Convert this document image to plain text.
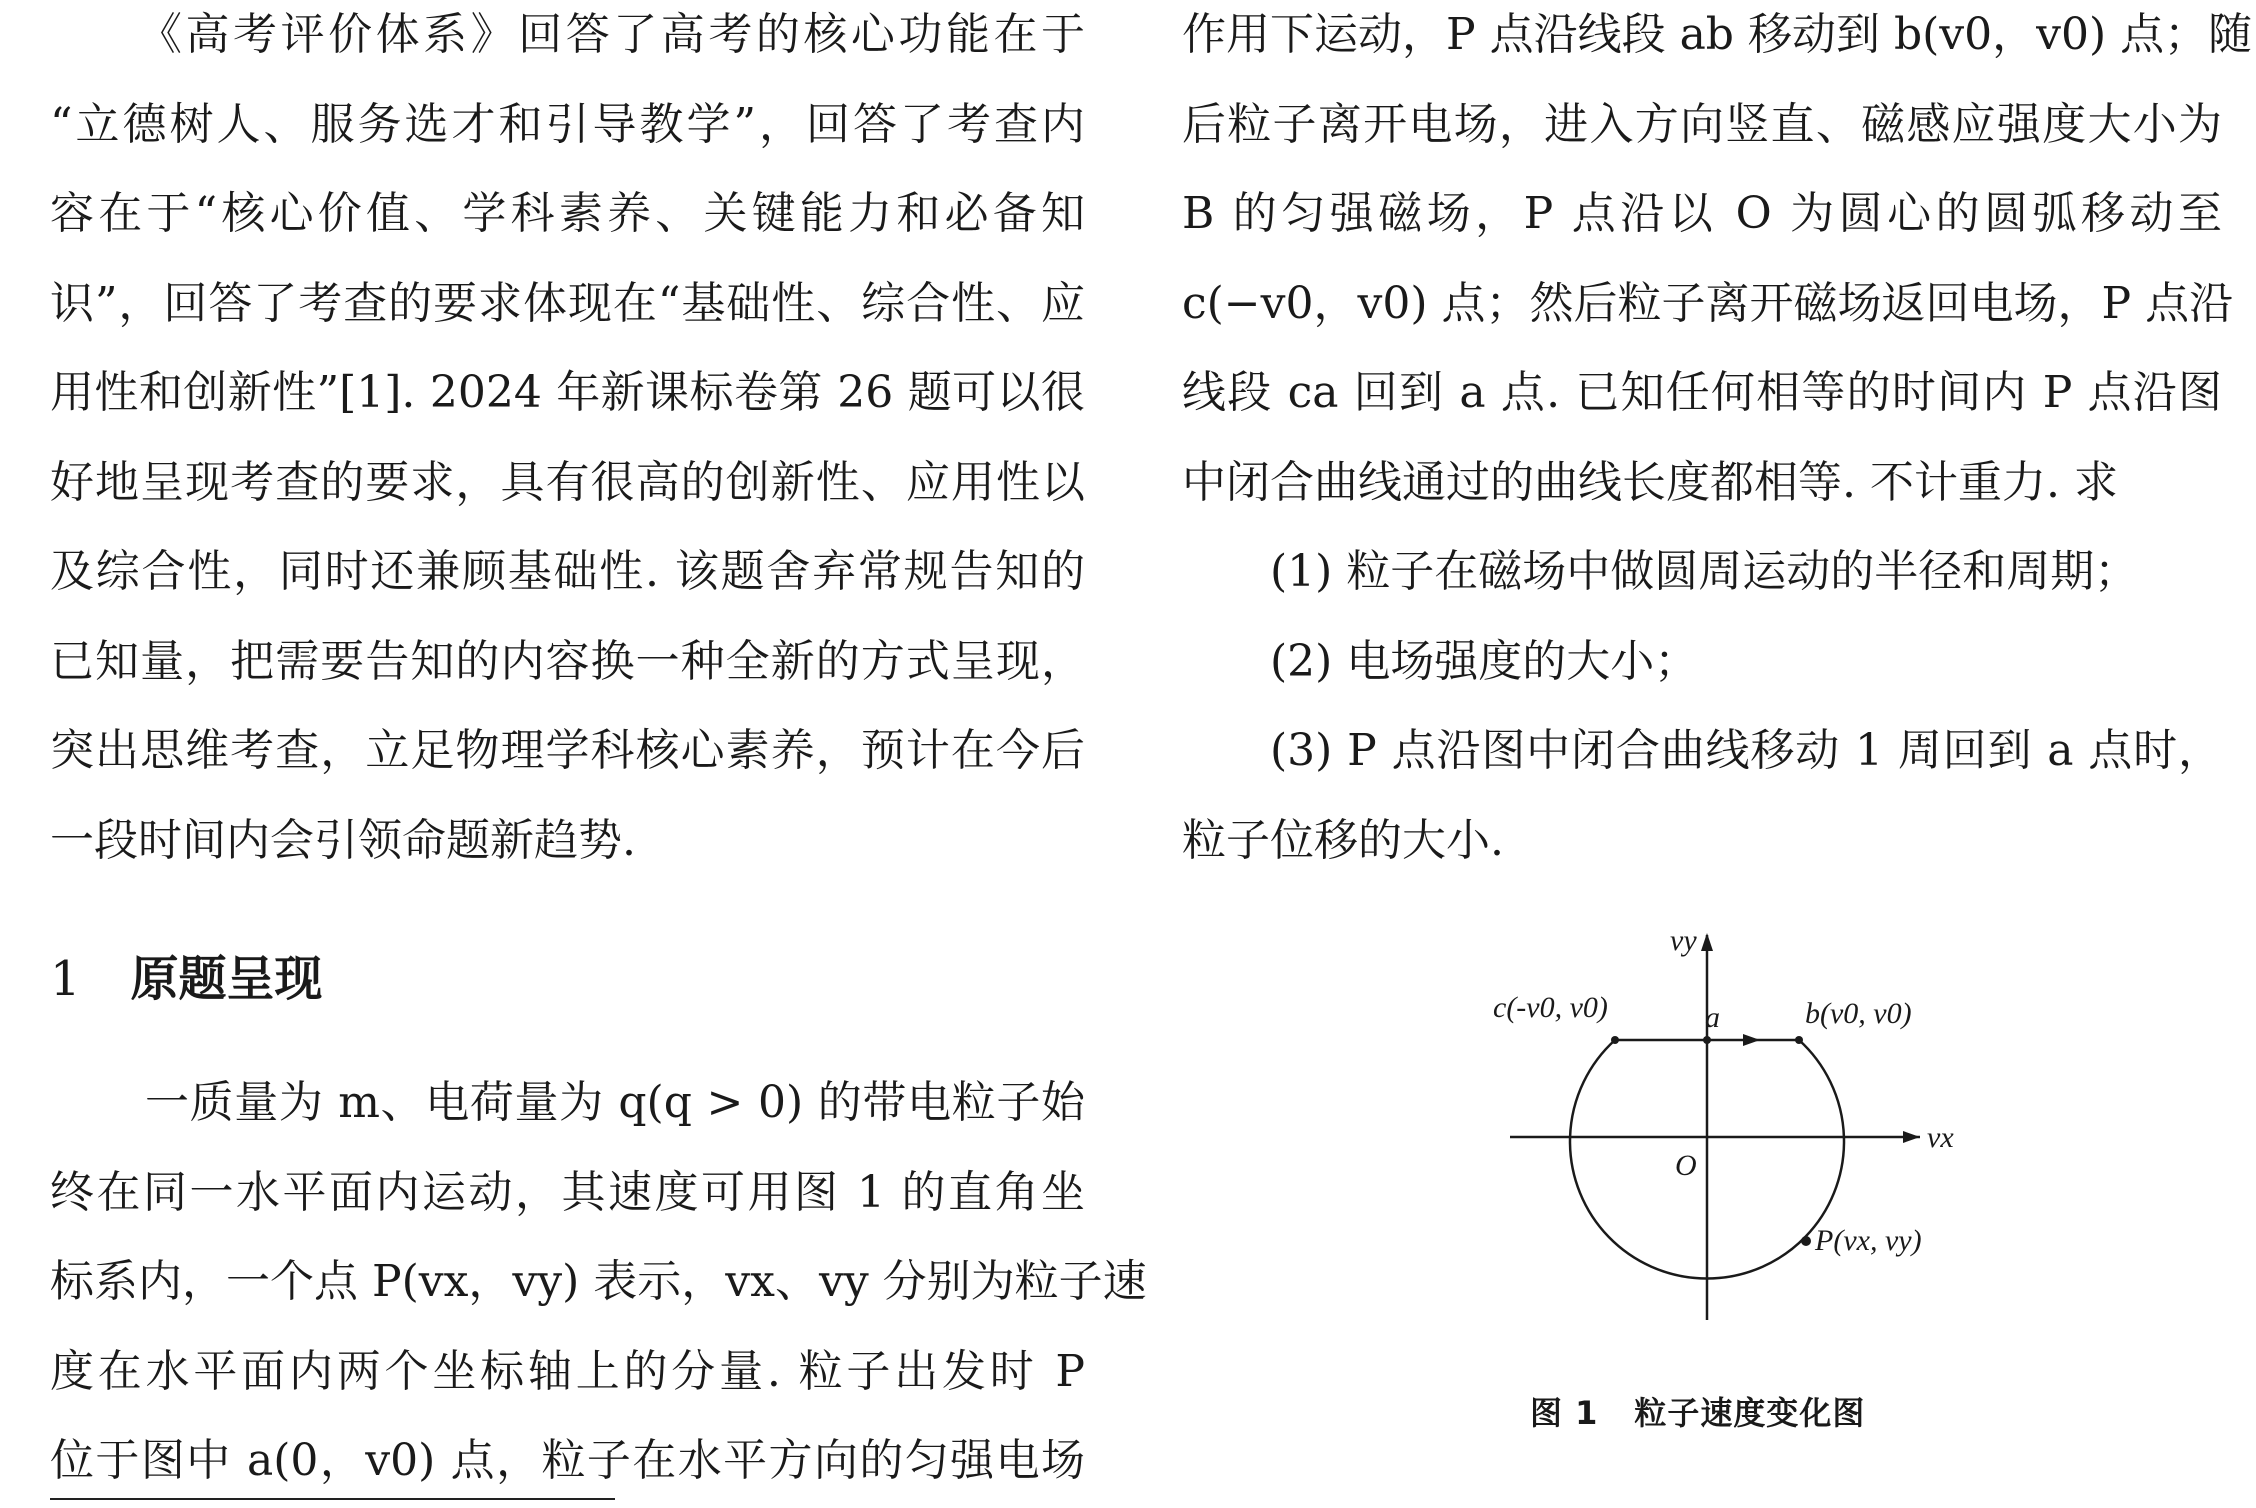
《高考评价体系》回答了高考的核心功能在于

“立德树人、服务选才和引导教学”，回答了考查内

容在于“核心价值、学科素养、关键能力和必备知

识”，回答了考查的要求体现在“基础性、综合性、应

用性和创新性”[1]. 2024 年新课标卷第 26 题可以很

好地呈现考查的要求，具有很高的创新性、应用性以

及综合性，同时还兼顾基础性. 该题舍弃常规告知的

已知量，把需要告知的内容换一种全新的方式呈现，

突出思维考查，立足物理学科核心素养，预计在今后

一段时间内会引领命题新趋势.

1 原题呈现

一质量为 m、电荷量为 q(q > 0) 的带电粒子始

终在同一水平面内运动，其速度可用图 1 的直角坐

标系内，一个点 P(vx，vy) 表示，vx、vy 分别为粒子速

度在水平面内两个坐标轴上的分量. 粒子出发时 P

位于图中 a(0，v0) 点，粒子在水平方向的匀强电场

作用下运动，P 点沿线段 ab 移动到 b(v0，v0) 点；随

后粒子离开电场，进入方向竖直、磁感应强度大小为

B 的匀强磁场，P 点沿以 O 为圆心的圆弧移动至

c(−v0，v0) 点；然后粒子离开磁场返回电场，P 点沿

线段 ca 回到 a 点. 已知任何相等的时间内 P 点沿图

中闭合曲线通过的曲线长度都相等. 不计重力. 求

(1) 粒子在磁场中做圆周运动的半径和周期；

(2) 电场强度的大小；

(3) P 点沿图中闭合曲线移动 1 周回到 a 点时，

粒子位移的大小.

vy
vx
O
a	b(v0, v0)
c(-v0, v0)
P(vx, vy)
图 1 粒子速度变化图
